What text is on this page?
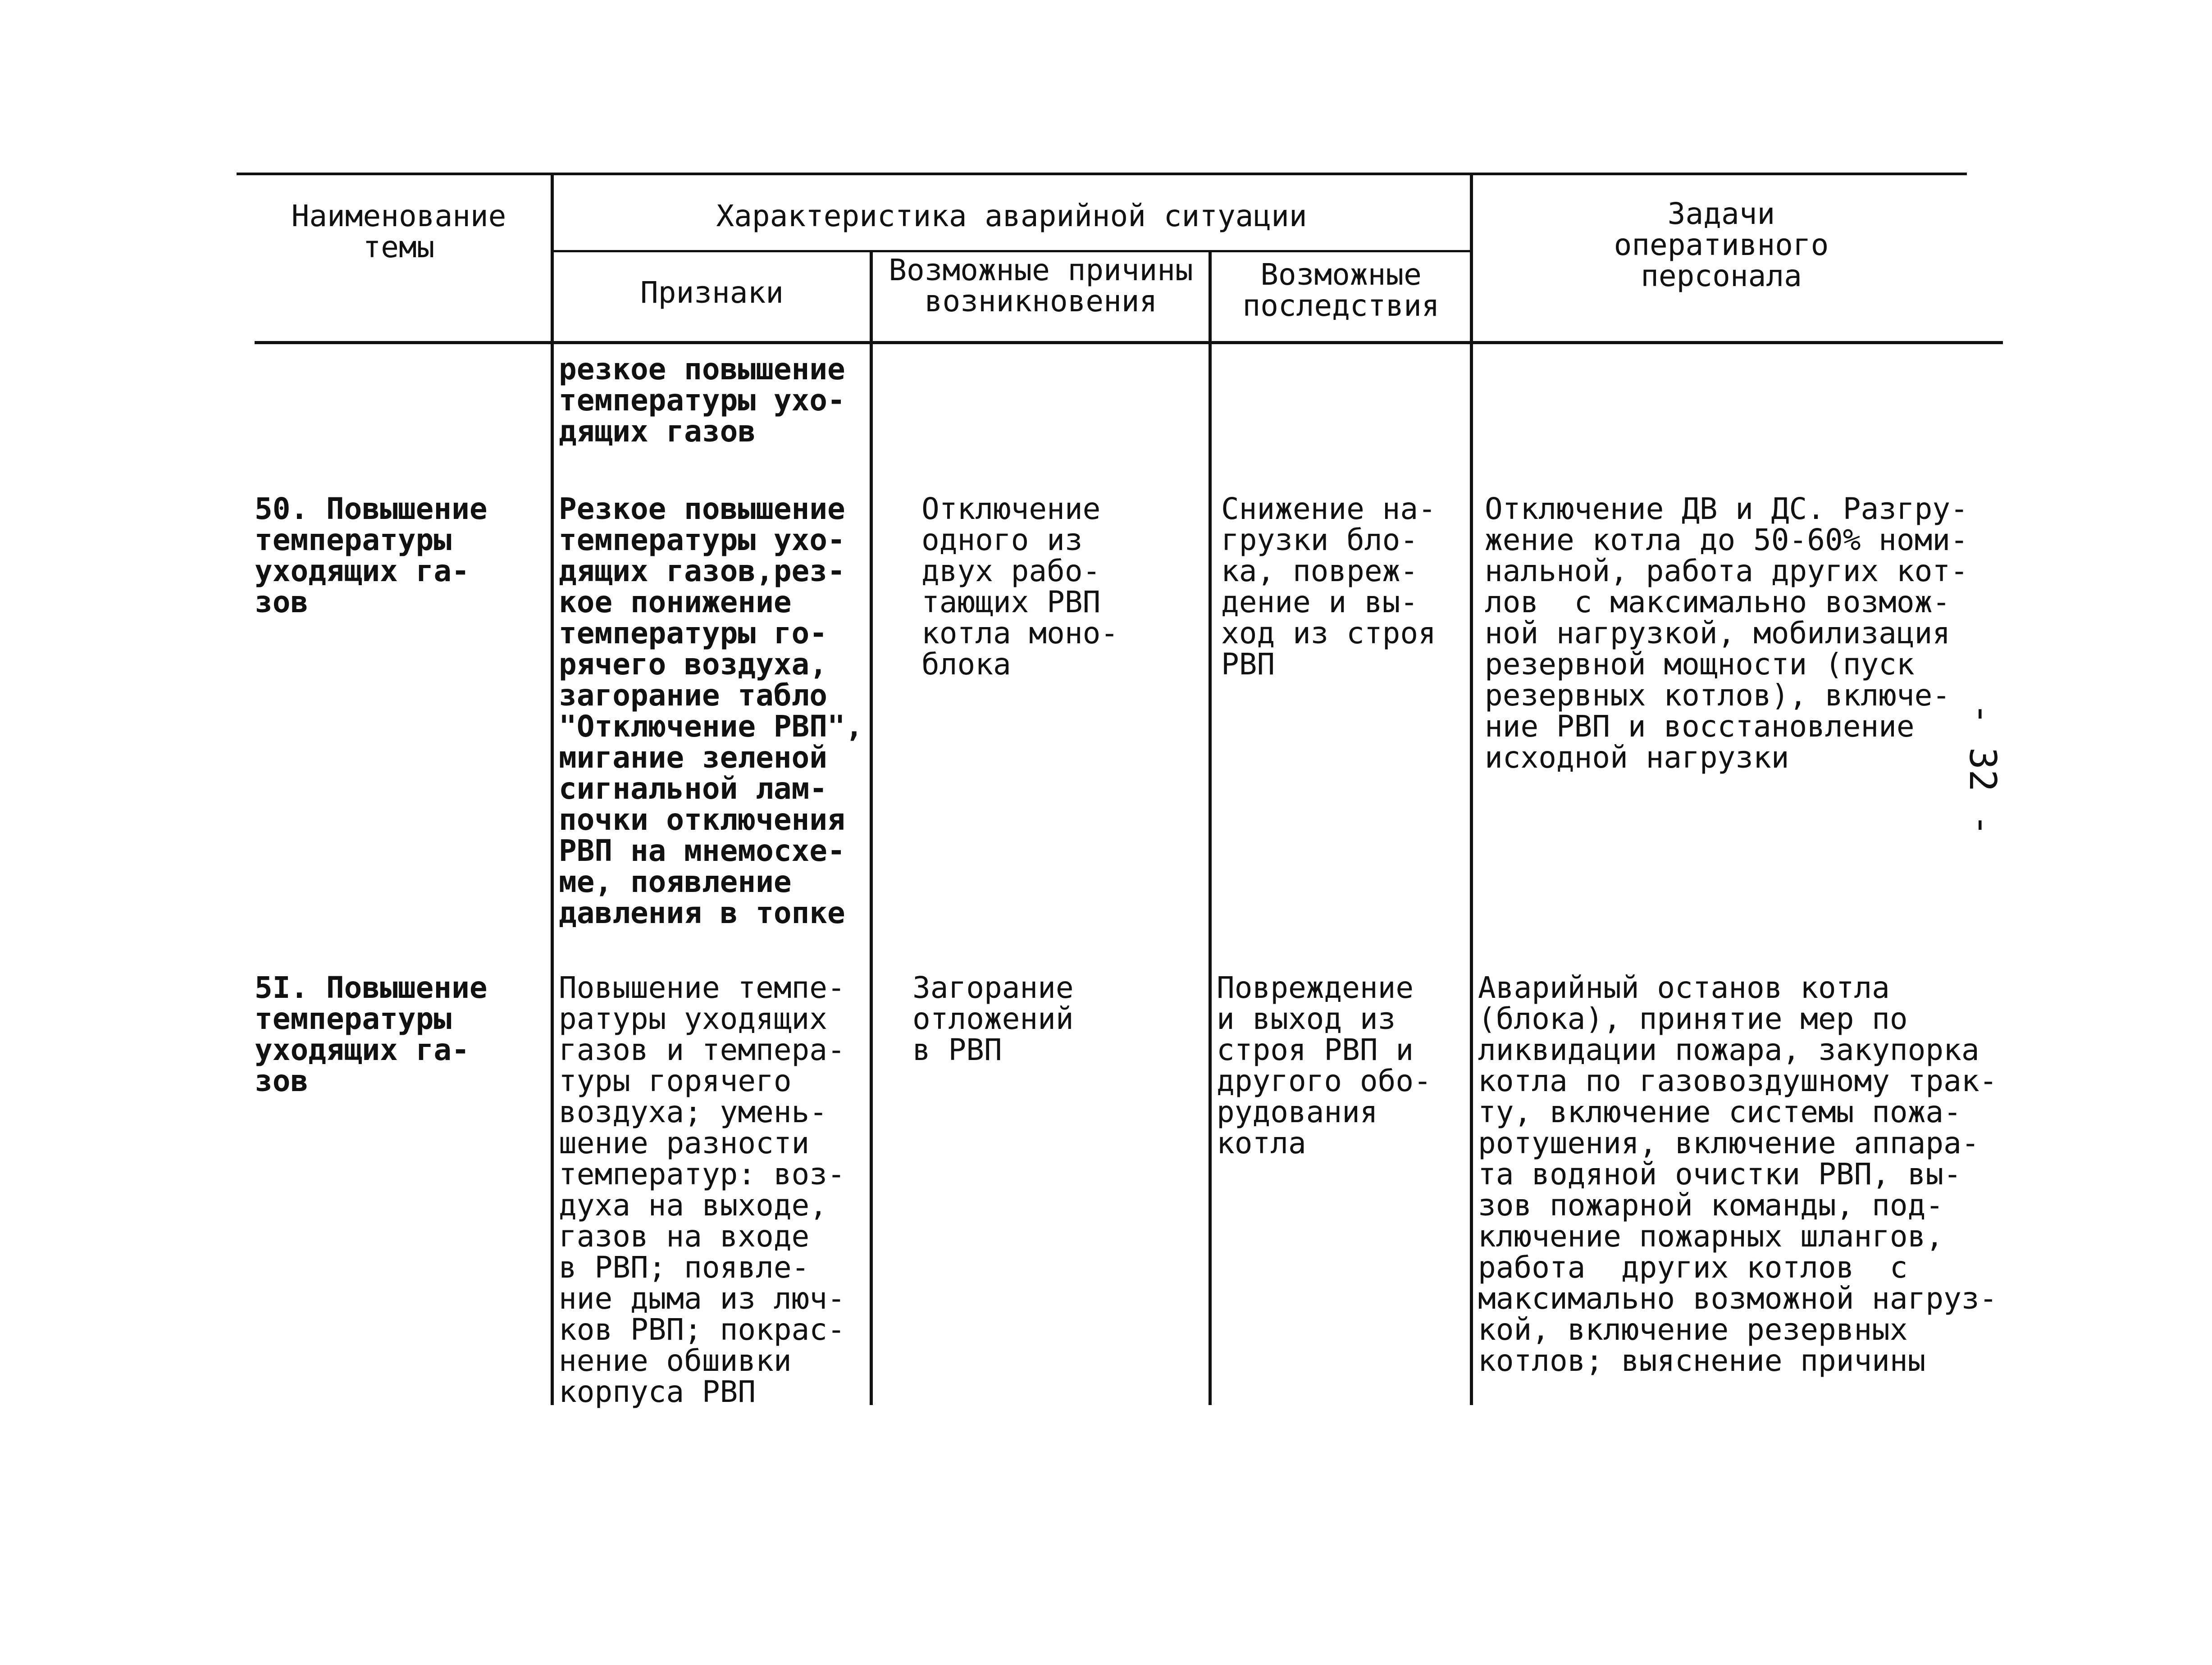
Наименование
темы
Характеристика аварийной ситуации
Признаки
Возможные причины
возникновения
Возможные
последствия
Задачи
оперативного
персонала
резкое повышение
температуры ухо-
дящих газов
50. Повышение
температуры
уходящих га-
зов
Резкое повышение
температуры ухо-
дящих газов,рез-
кое понижение
температуры го-
рячего воздуха,
загорание табло
"Отключение РВП",
мигание зеленой
сигнальной лам-
почки отключения
РВП на мнемосхе-
ме, появление
давления в топке
Отключение
одного из
двух рабо-
тающих РВП
котла моно-
блока
Снижение на-
грузки бло-
ка, повреж-
дение и вы-
ход из строя
РВП
Отключение ДВ и ДС. Разгру-
жение котла до 50-60% номи-
нальной, работа других кот-
лов  с максимально возмож-
ной нагрузкой, мобилизация
резервной мощности (пуск
резервных котлов), включе-
ние РВП и восстановление
исходной нагрузки
5I. Повышение
температуры
уходящих га-
зов
Повышение темпе-
ратуры уходящих
газов и темпера-
туры горячего
воздуха; умень-
шение разности
температур: воз-
духа на выходе,
газов на входе
в РВП; появле-
ние дыма из люч-
ков РВП; покрас-
нение обшивки
корпуса РВП
Загорание
отложений
в РВП
Повреждение
и выход из
строя РВП и
другого обо-
рудования
котла
Аварийный останов котла
(блока), принятие мер по
ликвидации пожара, закупорка
котла по газовоздушному трак-
ту, включение системы пожа-
ротушения, включение аппара-
та водяной очистки РВП, вы-
зов пожарной команды, под-
ключение пожарных шлангов,
работа  других котлов  с
максимально возможной нагруз-
кой, включение резервных
котлов; выяснение причины
- 32 -
